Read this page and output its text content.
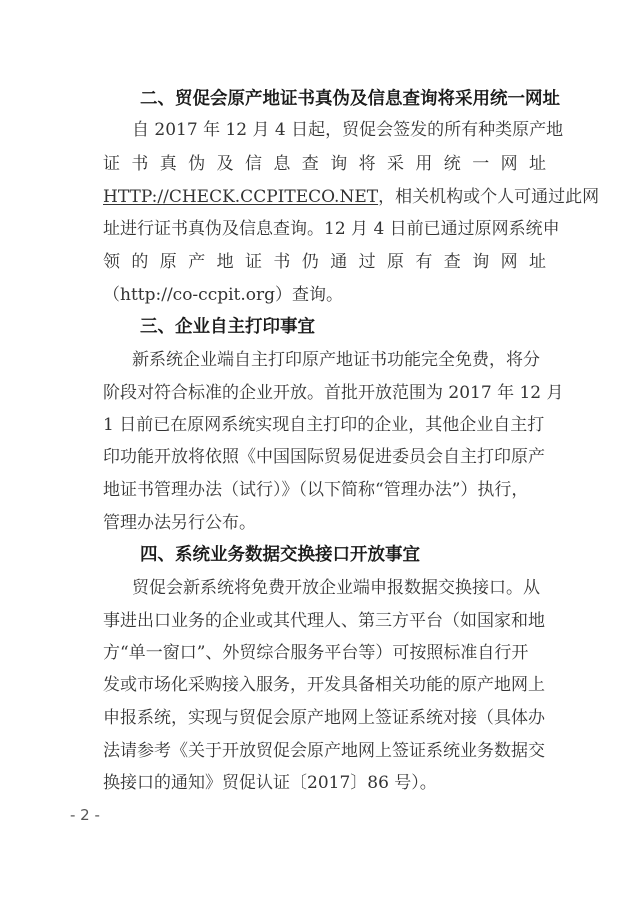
二、贸促会原产地证书真伪及信息查询将采用统一网址
自 2017 年 12 月 4 日起，贸促会签发的所有种类原产地
证书真伪及信息查询将采用统一网址
HTTP://CHECK.CCPITECO.NET，相关机构或个人可通过此网
址进行证书真伪及信息查询。12 月 4 日前已通过原网系统申
领的原产地证书仍通过原有查询网址
（http://co-ccpit.org）查询。
三、企业自主打印事宜
新系统企业端自主打印原产地证书功能完全免费，将分
阶段对符合标准的企业开放。首批开放范围为 2017 年 12 月
1 日前已在原网系统实现自主打印的企业，其他企业自主打
印功能开放将依照《中国国际贸易促进委员会自主打印原产
地证书管理办法（试行）》（以下简称“管理办法”）执行，
管理办法另行公布。
四、系统业务数据交换接口开放事宜
贸促会新系统将免费开放企业端申报数据交换接口。从
事进出口业务的企业或其代理人、第三方平台（如国家和地
方“单一窗口”、外贸综合服务平台等）可按照标准自行开
发或市场化采购接入服务，开发具备相关功能的原产地网上
申报系统，实现与贸促会原产地网上签证系统对接（具体办
法请参考《关于开放贸促会原产地网上签证系统业务数据交
换接口的通知》贸促认证〔2017〕86 号）。
- 2 -
